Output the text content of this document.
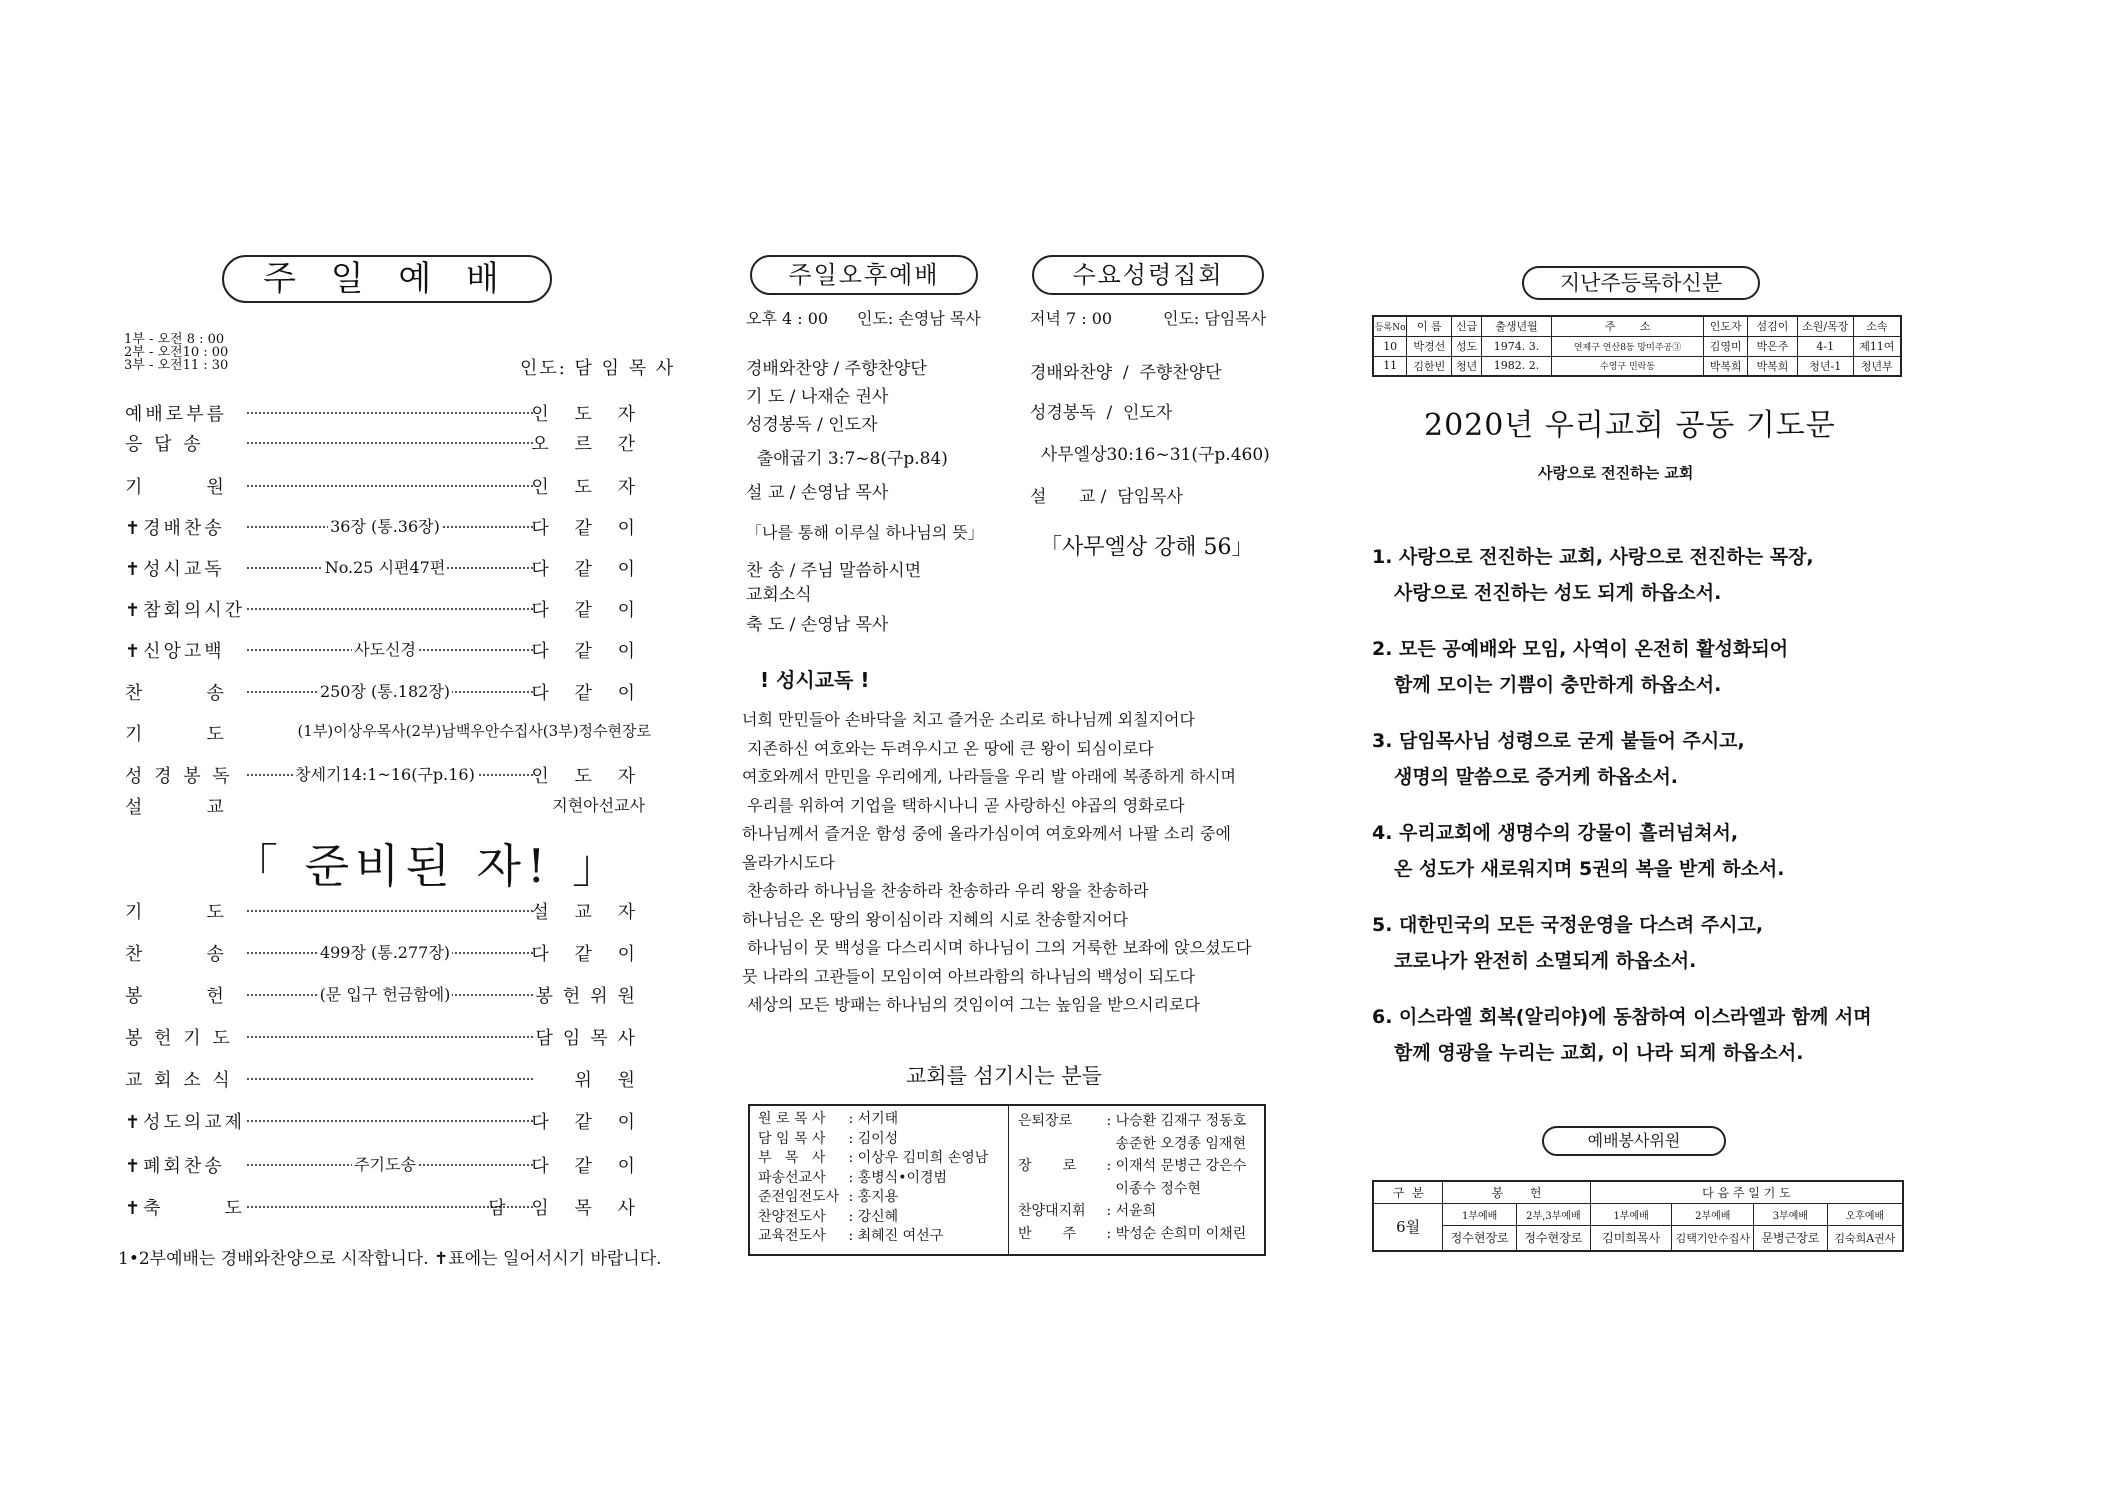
주 일 예 배
1부 - 오전 8 : 00
2부 - 오전10 : 00
3부 - 오전11 : 30	인도: 담 임 목 사
예배로부름	인 도 자
응 답 송	오 르 간
기       원	인 도 자
✝경배찬송	36장 (통.36장)	다 같 이
✝성시교독	No.25 시편47편	다 같 이
✝참회의시간	다 같 이
✝신앙고백	사도신경	다 같 이
찬       송	250장 (통.182장)	다 같 이
기       도	(1부)이상우목사(2부)남백우안수집사(3부)정수현장로
성 경 봉 독	창세기14:1~16(구p.16)	인 도 자
설       교	지현아선교사
「 준비된 자! 」
기       도	설 교 자
찬       송	499장 (통.277장)	다 같 이
봉       헌	(문 입구 헌금함에)	봉헌위원
봉 헌 기 도	담임목사
교 회 소 식	위 원
✝성도의교제	다 같 이
✝폐회찬송	주기도송	다 같 이
✝축       도	담 임 목 사
1•2부예배는 경배와찬양으로 시작합니다. ✝표에는 일어서시기 바랍니다.
주일오후예배	수요성령집회
오후 4 : 00 인도: 손영남 목사	저녁 7 : 00	인도: 담임목사
경배와찬양 / 주향찬양단
기 도 / 나재순 권사
성경봉독 / 인도자
출애굽기 3:7~8(구p.84)
설 교 / 손영남 목사
「나를 통해 이루실 하나님의 뜻」
찬 송 / 주님 말씀하시면
교회소식
축 도 / 손영남 목사
경배와찬양  /  주향찬양단
성경봉독  /  인도자
사무엘상30:16~31(구p.460)
설      교 /  담임목사
「사무엘상 강해 56」
! 성시교독 !
너희 만민들아 손바닥을 치고 즐거운 소리로 하나님께 외칠지어다
지존하신 여호와는 두려우시고 온 땅에 큰 왕이 되심이로다
여호와께서 만민을 우리에게, 나라들을 우리 발 아래에 복종하게 하시며
우리를 위하여 기업을 택하시나니 곧 사랑하신 야곱의 영화로다
하나님께서 즐거운 함성 중에 올라가심이여 여호와께서 나팔 소리 중에
올라가시도다
찬송하라 하나님을 찬송하라 찬송하라 우리 왕을 찬송하라
하나님은 온 땅의 왕이심이라 지혜의 시로 찬송할지어다
하나님이 뭇 백성을 다스리시며 하나님이 그의 거룩한 보좌에 앉으셨도다
뭇 나라의 고관들이 모임이여 아브라함의 하나님의 백성이 되도다
세상의 모든 방패는 하나님의 것임이여 그는 높임을 받으시리로다
교회를 섬기시는 분들
원 로 목 사 : 서기태
담 임 목 사 : 김이성
부   목   사 : 이상우 김미희 손영남
파송선교사 : 홍병식•이경범
준전임전도사 : 홍지용
찬양전도사 : 강신혜
교육전도사 : 최혜진 여선구
은퇴장로 : 나승환 김재구 정동호
송준한 오경종 임재현
장       로 : 이재석 문병근 강은수
이종수 정수현
찬양대지휘 : 서윤희
반       주 : 박성순 손희미 이채린
지난주등록하신분
등록No	이 름	신급	출생년월	주       소	인도자	섬김이	소원/목장	소속
10	박경선	성도	1974. 3.	연제구 연산8동 망미주공③	김영미	박은주	4-1	제11여
11	김한빈	청년	1982. 2.	수영구 민락동	박복희	박복희	청년-1	청년부
2020년 우리교회 공동 기도문
사랑으로 전진하는 교회
1. 사랑으로 전진하는 교회, 사랑으로 전진하는 목장,
사랑으로 전진하는 성도 되게 하옵소서.
2. 모든 공예배와 모임, 사역이 온전히 활성화되어
함께 모이는 기쁨이 충만하게 하옵소서.
3. 담임목사님 성령으로 굳게 붙들어 주시고,
생명의 말씀으로 증거케 하옵소서.
4. 우리교회에 생명수의 강물이 흘러넘쳐서,
온 성도가 새로워지며 5권의 복을 받게 하소서.
5. 대한민국의 모든 국정운영을 다스려 주시고,
코로나가 완전히 소멸되게 하옵소서.
6. 이스라엘 회복(알리야)에 동참하여 이스라엘과 함께 서며
함께 영광을 누리는 교회, 이 나라 되게 하옵소서.
예배봉사위원
구  분	봉       헌		다 음 주 일 기 도			
6월	1부예배	2부,3부예배	1부예배	2부예배	3부예배	오후예배
	정수현장로	정수현장로	김미희목사	김택기안수집사	문병근장로	김숙희A권사
